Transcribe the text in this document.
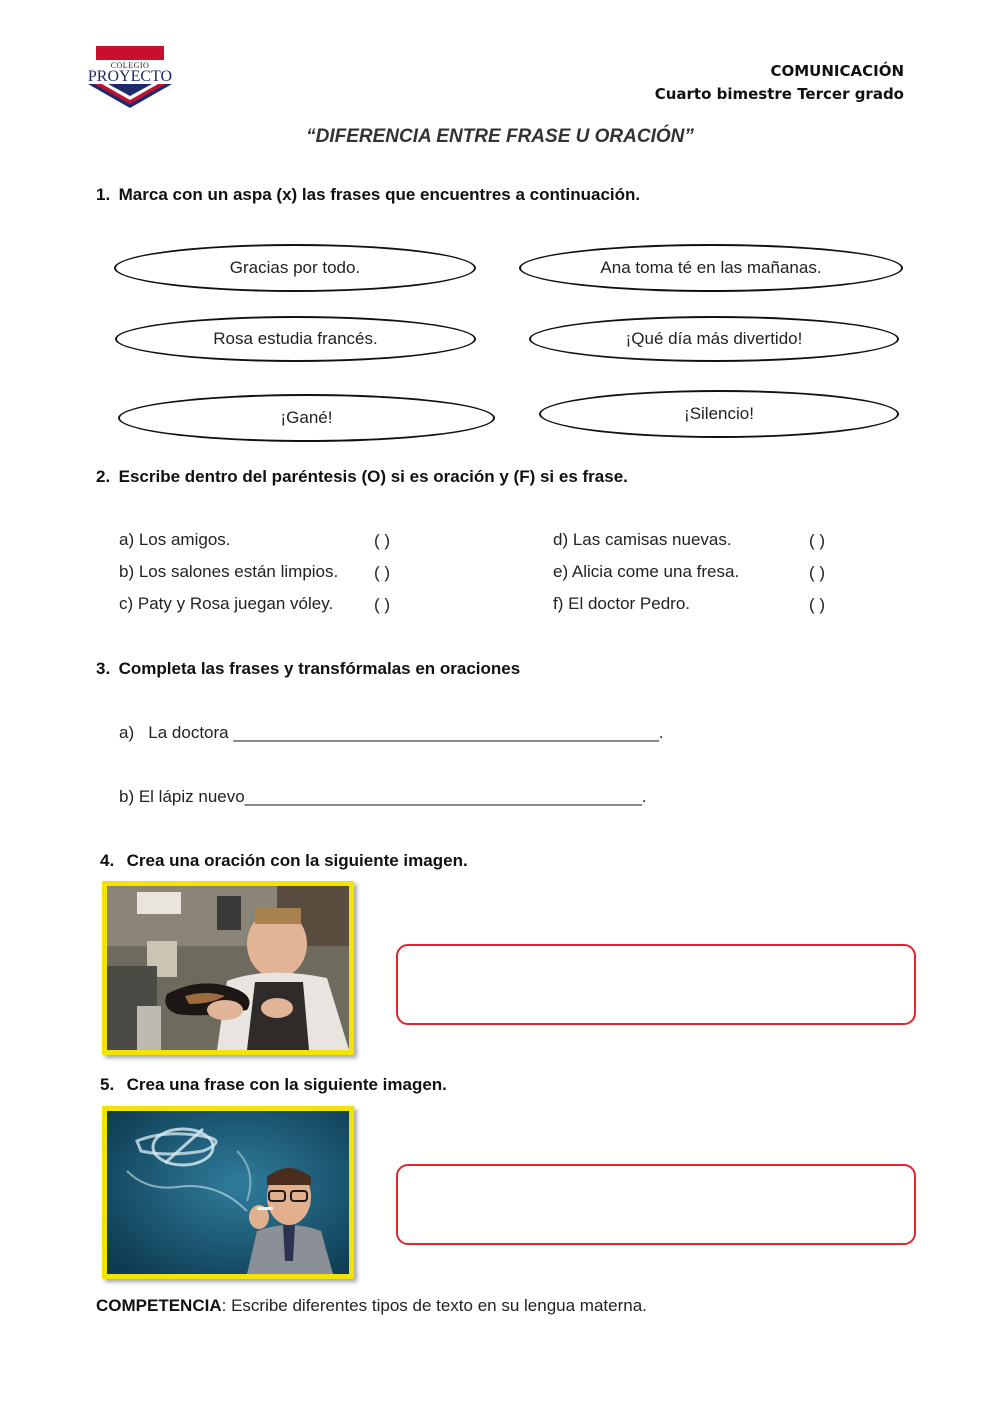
COLEGIO
PROYECTO	COMUNICACIÓN
Cuarto bimestre Tercer grado
“DIFERENCIA ENTRE FRASE U ORACIÓN”
1. Marca con un aspa (x) las frases que encuentres a continuación.
Gracias por todo.	Ana toma té en las mañanas.
Rosa estudia francés.	¡Qué día más divertido!
¡Gané!	¡Silencio!
2. Escribe dentro del paréntesis (O) si es oración y (F) si es frase.
a) Los amigos.	( )
b) Los salones están limpios. ( )
c) Paty y Rosa juegan vóley. ( )
d) Las camisas nuevas.	( )
e) Alicia come una fresa.	( )
f) El doctor Pedro.	( )
3. Completa las frases y transfórmalas en oraciones
a)   La doctora _____________________________________________.
b) El lápiz nuevo__________________________________________.
4. Crea una oración con la siguiente imagen.
5. Crea una frase con la siguiente imagen.
COMPETENCIA: Escribe diferentes tipos de texto en su lengua materna.
